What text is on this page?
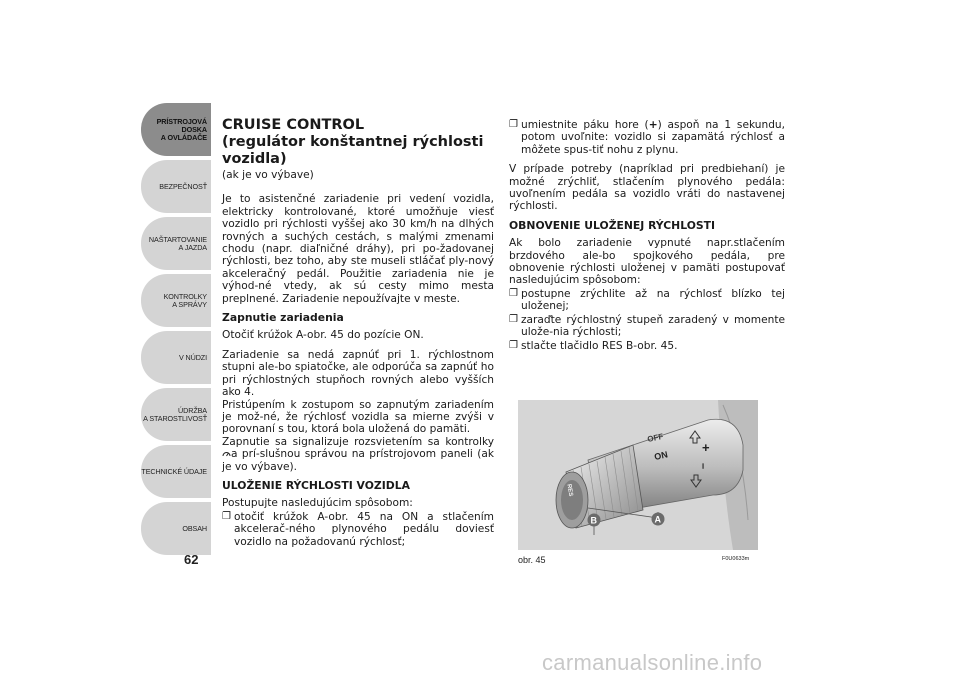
PRÍSTROJOVÁ
DOSKA
A OVLÁDAČE
BEZPEČNOSŤ
NAŠTARTOVANIE
A JAZDA
KONTROLKY
A SPRÁVY
V NÚDZI
ÚDRŽBA
A STAROSTLIVOSŤ
TECHNICKÉ ÚDAJE
OBSAH
62
CRUISE CONTROL
(regulátor konštantnej rýchlosti vozidla)
(ak je vo výbave)

Je to asistenčné zariadenie pri vedení vozidla, elektricky kontrolované, ktoré umožňuje viesť vozidlo pri rýchlosti vyššej ako 30 km/h na dlhých rovných a suchých cestách, s malými zmenami chodu (napr. diaľničné dráhy), pri po-žadovanej rýchlosti, bez toho, aby ste museli stláčať ply-nový akceleračný pedál. Použitie zariadenia nie je výhod-né vtedy, ak sú cesty mimo mesta preplnené. Zariadenie nepoužívajte v meste.

Zapnutie zariadenia

Otočiť krúžok A-obr. 45 do pozície ON.

Zariadenie sa nedá zapnúť pri 1. rýchlostnom stupni ale-bo spiatočke, ale odporúča sa zapnúť ho pri rýchlostných stupňoch rovných alebo vyšších ako 4.

Pristúpením k zostupom so zapnutým zariadením je mož-né, že rýchlosť vozidla sa mierne zvýši v porovnaní s tou, ktorá bola uložená do pamäti.

Zapnutie sa signalizuje rozsvietením sa kontrolky a prí-slušnou správou na prístrojovom paneli (ak je vo výbave).

ULOŽENIE RÝCHLOSTI VOZIDLA
Postupujte nasledujúcim spôsobom:
❐ otočiť krúžok A-obr. 45 na ON a stlačením akcelerač-ného plynového pedálu doviesť vozidlo na požadovanú rýchlosť;
❐ umiestnite páku hore (+) aspoň na 1 sekundu, potom uvoľnite: vozidlo si zapamätá rýchlosť a môžete spus-tiť nohu z plynu.

V prípade potreby (napríklad pri predbiehaní) je možné zrýchliť, stlačením plynového pedála: uvoľnením pedála sa vozidlo vráti do nastavenej rýchlosti.

OBNOVENIE ULOŽENEJ RÝCHLOSTI

Ak bolo zariadenie vypnuté napr.stlačením brzdového ale-bo spojkového pedála, pre obnovenie rýchlosti uloženej v pamäti postupovať nasledujúcim spôsobom:

❐ postupne zrýchlite až na rýchlosť blízko tej uloženej;
❐ zaraďte rýchlostný stupeň zaradený v momente ulože-nia rýchlosti;
❐ stlačte tlačidlo RES B-obr. 45.
RES
OFF
ON
+
–
B	A
obr. 45	F0U0633m
carmanualsonline.info
